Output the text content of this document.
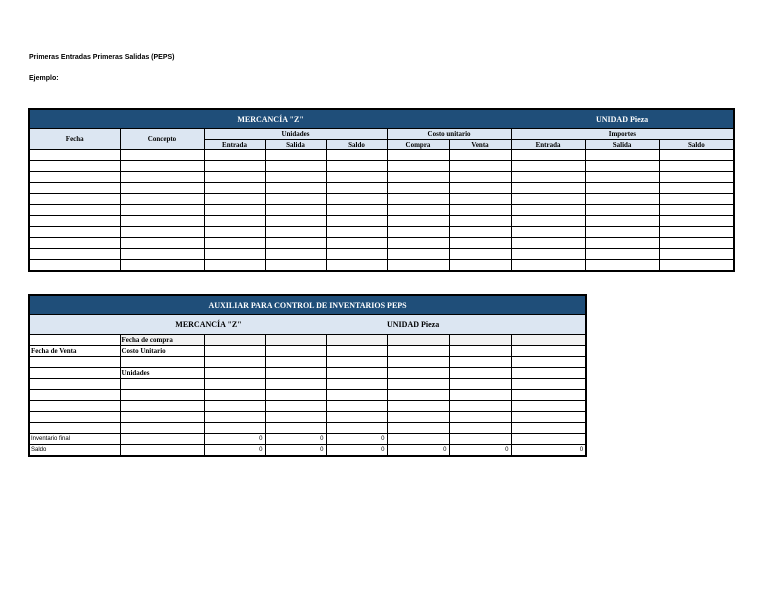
Primeras Entradas Primeras Salidas (PEPS)
Ejemplo:
MERCANCÍA "Z"							UNIDAD Pieza		
Fecha	Concepto	Unidades			Costo unitario		Importes		
		Entrada	Salida	Saldo	Compra	Venta	Entrada	Salida	Saldo

AUXILIAR PARA CONTROL DE INVENTARIOS PEPS							
MERCANCÍA "Z"					UNIDAD Pieza		
	Fecha de compra						
Fecha de Venta	Costo Unitario						

	Unidades						

Inventario final		0	0	0			
Saldo		0	0	0	0	0	0
